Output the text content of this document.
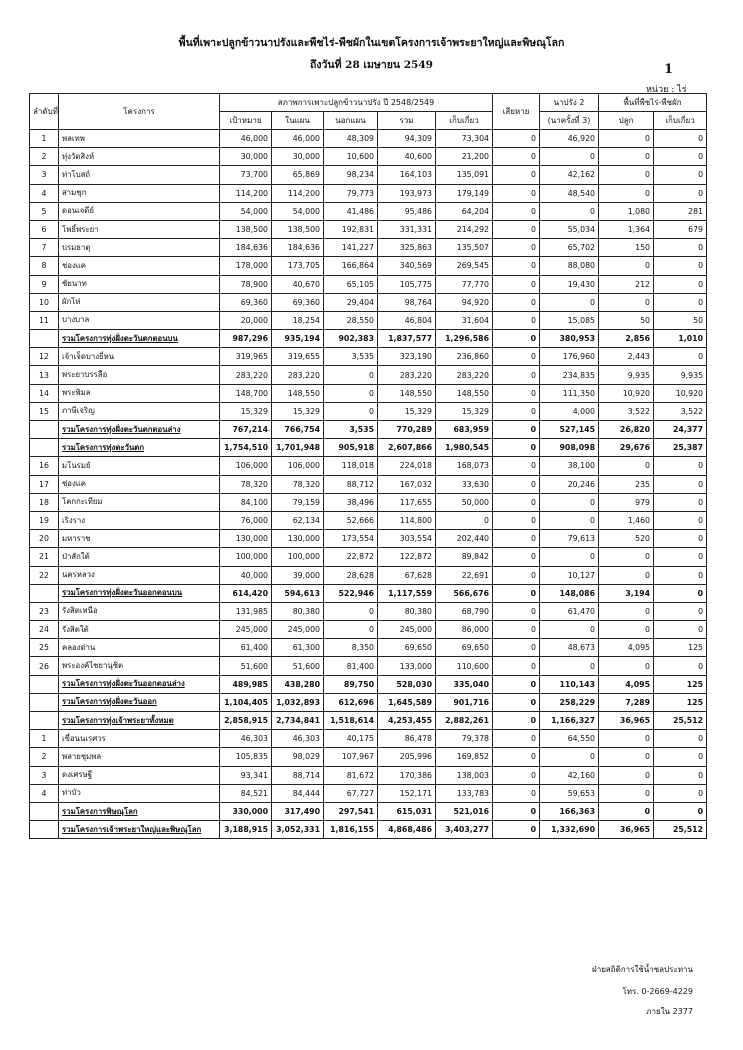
พื้นที่เพาะปลูกข้าวนาปรังและพืชไร่-พืชผักในเขตโครงการเจ้าพระยาใหญ่และพิษณุโลก
ถึงวันที่ 28 เมษายน 2549	1
หน่วย : ไร่
ลำดับที่	โครงการ	สภาพการเพาะปลูกข้าวนาปรัง ปี 2548/2549					เสียหาย	นาปรัง 2	พื้นที่พืชไร่-พืชผัก	
		เป้าหมาย	ในแผน	นอกแผน	รวม	เก็บเกี่ยว		(นาครั้งที่ 3)	ปลูก	เก็บเกี่ยว
1	พลเทพ	46,000	46,000	48,309	94,309	73,304	0	46,920	0	0
2	ทุ่งวัดสิงห์	30,000	30,000	10,600	40,600	21,200	0	0	0	0
3	ท่าโบสถ์	73,700	65,869	98,234	164,103	135,091	0	42,162	0	0
4	สามชุก	114,200	114,200	79,773	193,973	179,149	0	48,540	0	0
5	ดอนเจดีย์	54,000	54,000	41,486	95,486	64,204	0	0	1,080	281
6	โพธิ์พระยา	138,500	138,500	192,831	331,331	214,292	0	55,034	1,364	679
7	บรมธาตุ	184,636	184,636	141,227	325,863	135,507	0	65,702	150	0
8	ช่องแค	178,000	173,705	166,864	340,569	269,545	0	88,080	0	0
9	ชัยนาท	78,900	40,670	65,105	105,775	77,770	0	19,430	212	0
10	ผักไห่	69,360	69,360	29,404	98,764	94,920	0	0	0	0
11	บางบาล	20,000	18,254	28,550	46,804	31,604	0	15,085	50	50
	รวมโครงการทุ่งฝั่งตะวันตกตอนบน	987,296	935,194	902,383	1,837,577	1,296,586	0	380,953	2,856	1,010
12	เจ้าเจ็ดบางยี่หน	319,965	319,655	3,535	323,190	236,860	0	176,960	2,443	0
13	พระยาบรรลือ	283,220	283,220	0	283,220	283,220	0	234,835	9,935	9,935
14	พระพิมล	148,700	148,550	0	148,550	148,550	0	111,350	10,920	10,920
15	ภาษีเจริญ	15,329	15,329	0	15,329	15,329	0	4,000	3,522	3,522
	รวมโครงการทุ่งฝั่งตะวันตกตอนล่าง	767,214	766,754	3,535	770,289	683,959	0	527,145	26,820	24,377
	รวมโครงการทุ่งตะวันตก	1,754,510	1,701,948	905,918	2,607,866	1,980,545	0	908,098	29,676	25,387
16	มโนรมย์	106,000	106,000	118,018	224,018	168,073	0	38,100	0	0
17	ช่องแค	78,320	78,320	88,712	167,032	33,630	0	20,246	235	0
18	โคกกะเทียม	84,100	79,159	38,496	117,655	50,000	0	0	979	0
19	เริงราง	76,000	62,134	52,666	114,800	0	0	0	1,460	0
20	มหาราช	130,000	130,000	173,554	303,554	202,440	0	79,613	520	0
21	ป่าสักใต้	100,000	100,000	22,872	122,872	89,842	0	0	0	0
22	นครหลวง	40,000	39,000	28,628	67,628	22,691	0	10,127	0	0
	รวมโครงการทุ่งฝั่งตะวันออกตอนบน	614,420	594,613	522,946	1,117,559	566,676	0	148,086	3,194	0
23	รังสิตเหนือ	131,985	80,380	0	80,380	68,790	0	61,470	0	0
24	รังสิตใต้	245,000	245,000	0	245,000	86,000	0	0	0	0
25	คลองด่าน	61,400	61,300	8,350	69,650	69,650	0	48,673	4,095	125
26	พระองค์ไชยานุชิต	51,600	51,600	81,400	133,000	110,600	0	0	0	0
	รวมโครงการทุ่งฝั่งตะวันออกตอนล่าง	489,985	438,280	89,750	528,030	335,040	0	110,143	4,095	125
	รวมโครงการทุ่งฝั่งตะวันออก	1,104,405	1,032,893	612,696	1,645,589	901,716	0	258,229	7,289	125
	รวมโครงการทุ่งเจ้าพระยาทั้งหมด	2,858,915	2,734,841	1,518,614	4,253,455	2,882,261	0	1,166,327	36,965	25,512
1	เขื่อนนเรศวร	46,303	46,303	40,175	86,478	79,378	0	64,550	0	0
2	พลายชุมพล	105,835	98,029	107,967	205,996	169,852	0	0	0	0
3	ดงเศรษฐี	93,341	88,714	81,672	170,386	138,003	0	42,160	0	0
4	ท่าบัว	84,521	84,444	67,727	152,171	133,783	0	59,653	0	0
	รวมโครงการพิษณุโลก	330,000	317,490	297,541	615,031	521,016	0	166,363	0	0
	รวมโครงการเจ้าพระยาใหญ่และพิษณุโลก	3,188,915	3,052,331	1,816,155	4,868,486	3,403,277	0	1,332,690	36,965	25,512
ฝ่ายสถิติการใช้น้ำชลประทาน
โทร. 0-2669-4229
ภายใน 2377
